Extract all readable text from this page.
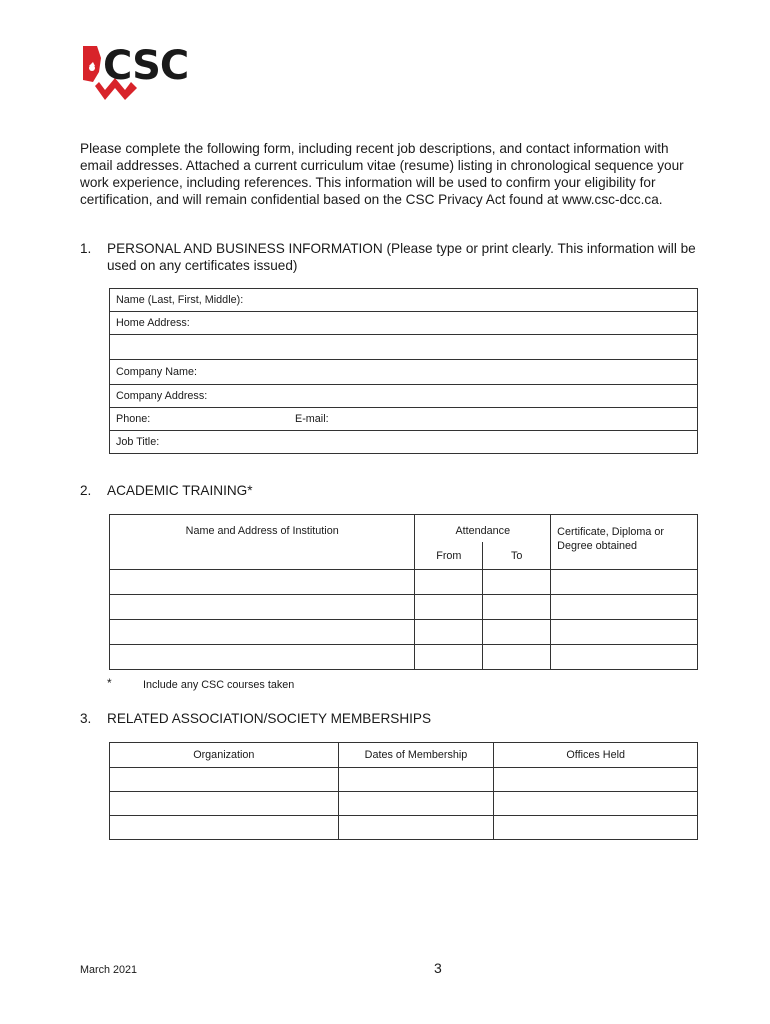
CSC

Please complete the following form, including recent job descriptions, and contact information with email addresses. Attached a current curriculum vitae (resume) listing in chronological sequence your work experience, including references. This information will be used to confirm your eligibility for certification, and will remain confidential based on the CSC Privacy Act found at www.csc-dcc.ca.

1. PERSONAL AND BUSINESS INFORMATION (Please type or print clearly. This information will be used on any certificates issued)
Name (Last, First, Middle):
Home Address:

Company Name:
Company Address:

Phone:	E-mail:

Job Title:
2. ACADEMIC TRAINING*
Name and Address of Institution	Attendance		Certificate, Diploma or Degree obtained
	From	To	

*	Include any CSC courses taken
3. RELATED ASSOCIATION/SOCIETY MEMBERSHIPS
Organization	Dates of Membership	Offices Held

March 2021	3
